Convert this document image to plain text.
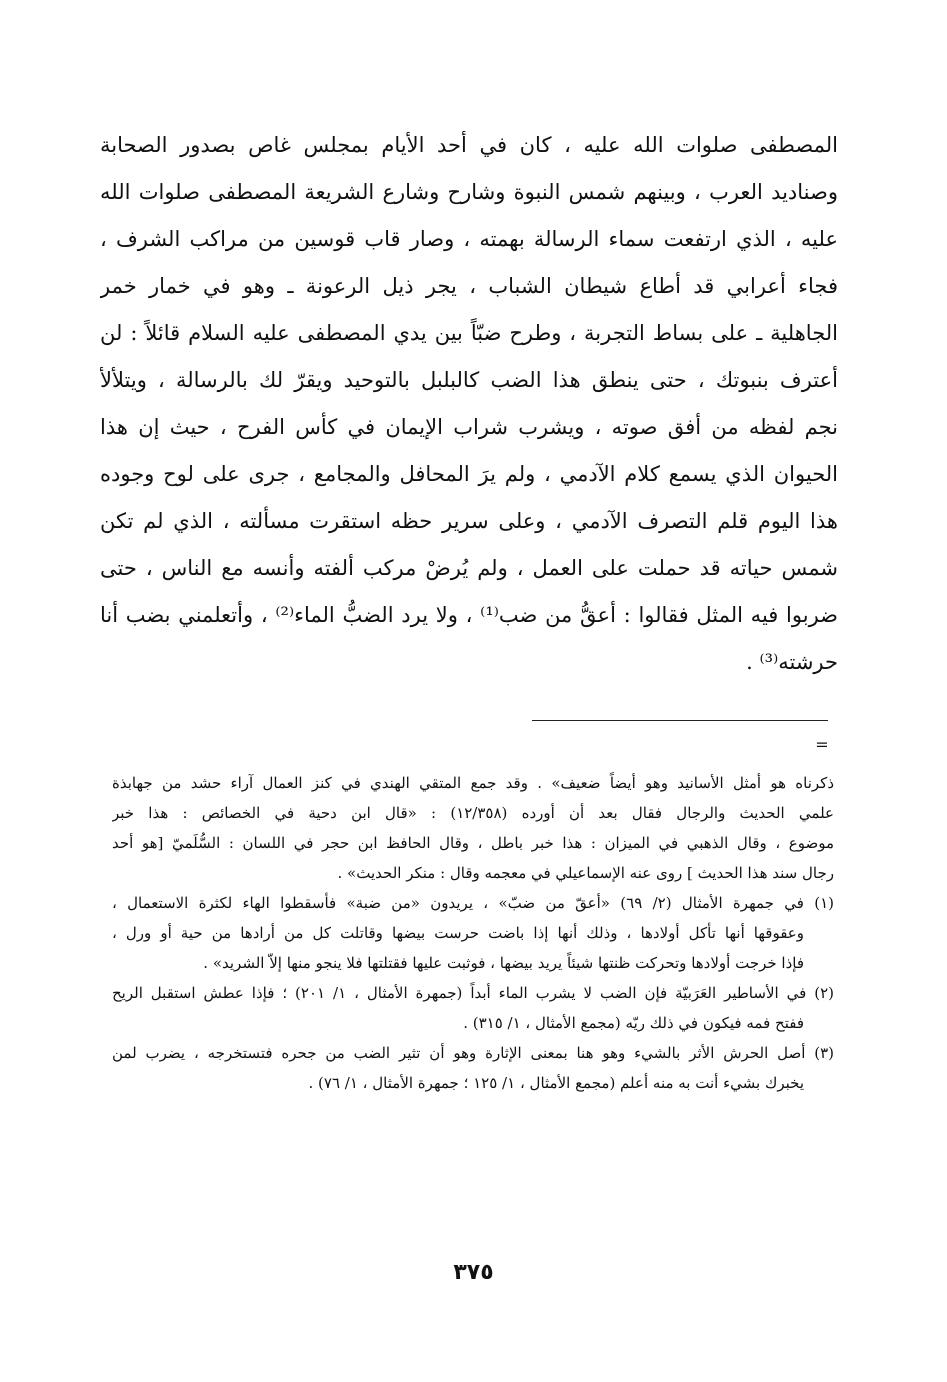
المصطفى صلوات الله عليه ، كان في أحد الأيام بمجلس غاص بصدور الصحابة
وصناديد العرب ، وبينهم شمس النبوة وشارح وشارع الشريعة المصطفى صلوات الله
عليه ، الذي ارتفعت سماء الرسالة بهمته ، وصار قاب قوسين من مراكب الشرف ،
فجاء أعرابي قد أطاع شيطان الشباب ، يجر ذيل الرعونة ـ وهو في خمار خمر
الجاهلية ـ على بساط التجربة ، وطرح ضبّاً بين يدي المصطفى عليه السلام قائلاً : لن
أعترف بنبوتك ، حتى ينطق هذا الضب كالبلبل بالتوحيد ويقرّ لك بالرسالة ، ويتلألأ
نجم لفظه من أفق صوته ، ويشرب شراب الإيمان في كأس الفرح ، حيث إن هذا
الحيوان الذي يسمع كلام الآدمي ، ولم يرَ المحافل والمجامع ، جرى على لوح وجوده
هذا اليوم قلم التصرف الآدمي ، وعلى سرير حظه استقرت مسألته ، الذي لم تكن
شمس حياته قد حملت على العمل ، ولم يُرضْ مركب ألفته وأنسه مع الناس ، حتى
ضربوا فيه المثل فقالوا : أعقُّ من ضب⁽¹⁾ ، ولا يرد الضبُّ الماء⁽²⁾ ، وأتعلمني بضب أنا
حرشته⁽³⁾ .
=
ذكرناه هو أمثل الأسانيد وهو أيضاً ضعيف» . وقد جمع المتقي الهندي في كنز العمال آراء حشد من جهابذة
علمي الحديث والرجال فقال بعد أن أورده (١٢/٣٥٨) : «قال ابن دحية في الخصائص : هذا خبر
موضوع ، وقال الذهبي في الميزان : هذا خبر باطل ، وقال الحافظ ابن حجر في اللسان : السُّلَميّ [هو أحد
رجال سند هذا الحديث ] روى عنه الإسماعيلي في معجمه وقال : منكر الحديث» .
(١) في جمهرة الأمثال (٢/ ٦٩) «أعقّ من ضبّ» ، يريدون «من ضبة» فأسقطوا الهاء لكثرة الاستعمال ،
وعقوقها أنها تأكل أولادها ، وذلك أنها إذا باضت حرست بيضها وقاتلت كل من أرادها من حية أو ورل ،
فإذا خرجت أولادها وتحركت ظنتها شيئاً يريد بيضها ، فوثبت عليها فقتلتها فلا ينجو منها إلاّ الشريد» .
(٢) في الأساطير العَرَبيّة فإن الضب لا يشرب الماء أبداً (جمهرة الأمثال ، ١/ ٢٠١) ؛ فإذا عطش استقبل الريح
ففتح فمه فيكون في ذلك ريّه (مجمع الأمثال ، ١/ ٣١٥) .
(٣) أصل الحرش الأثر بالشيء وهو هنا بمعنى الإثارة وهو أن تثير الضب من جحره فتستخرجه ، يضرب لمن
يخبرك بشيء أنت به منه أعلم (مجمع الأمثال ، ١/ ١٢٥ ؛ جمهرة الأمثال ، ١/ ٧٦) .
٣٧٥
